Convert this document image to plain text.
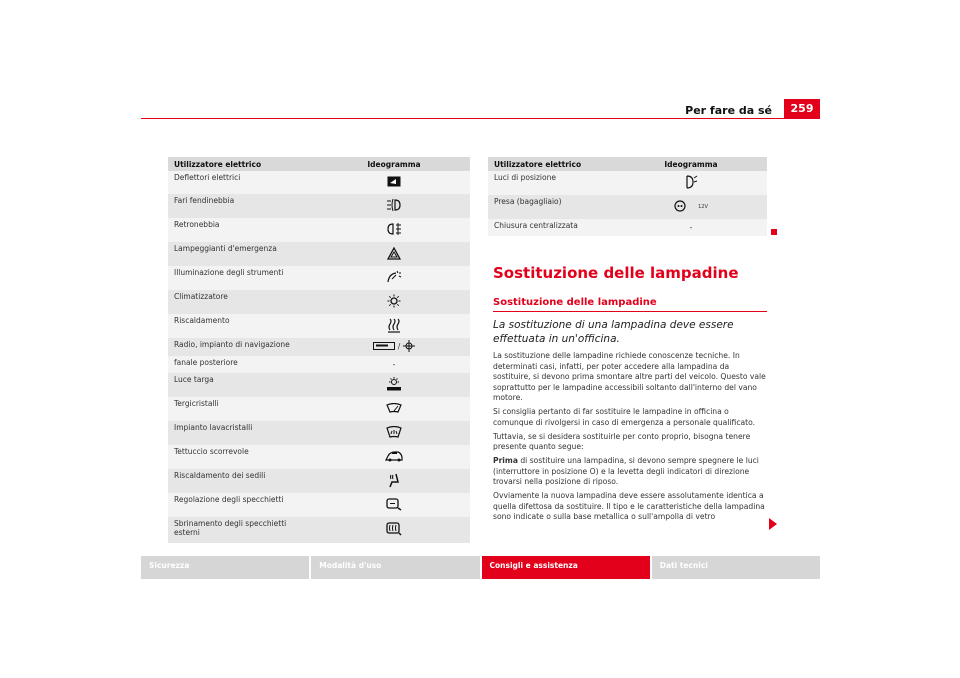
Per fare da sé	259
Utilizzatore elettrico	Ideogramma
Deflettori elettrici	
Fari fendinebbia	
Retronebbia	
Lampeggianti d'emergenza	
Illuminazione degli strumenti	
Climatizzatore	
Riscaldamento	
Radio, impianto di navigazione	/
fanale posteriore	-
Luce targa	
Tergicristalli	
Impianto lavacristalli	
Tettuccio scorrevole	
Riscaldamento dei sedili	
Regolazione degli specchietti	
Sbrinamento degli specchietti esterni	
Utilizzatore elettrico	Ideogramma
Luci di posizione	
Presa (bagagliaio)	12V
Chiusura centralizzata	-
Sostituzione delle lampadine
Sostituzione delle lampadine
La sostituzione di una lampadina deve essere effettuata in un'officina.

La sostituzione delle lampadine richiede conoscenze tecniche. In determinati casi, infatti, per poter accedere alla lampadina da sostituire, si devono prima smontare altre parti del veicolo. Questo vale soprattutto per le lampadine accessibili soltanto dall'interno del vano motore.

Si consiglia pertanto di far sostituire le lampadine in officina o comunque di rivolgersi in caso di emergenza a personale qualificato.

Tuttavia, se si desidera sostituirle per conto proprio, bisogna tenere presente quanto segue:

Prima di sostituire una lampadina, si devono sempre spegnere le luci (interruttore in posizione O) e la levetta degli indicatori di direzione trovarsi nella posizione di riposo.

Ovviamente la nuova lampadina deve essere assolutamente identica a quella difettosa da sostituire. Il tipo e le caratteristiche della lampadina sono indicate o sulla base metallica o sull'ampolla di vetro

Sicurezza	Modalità d'uso	Consigli e assistenza	Dati tecnici
